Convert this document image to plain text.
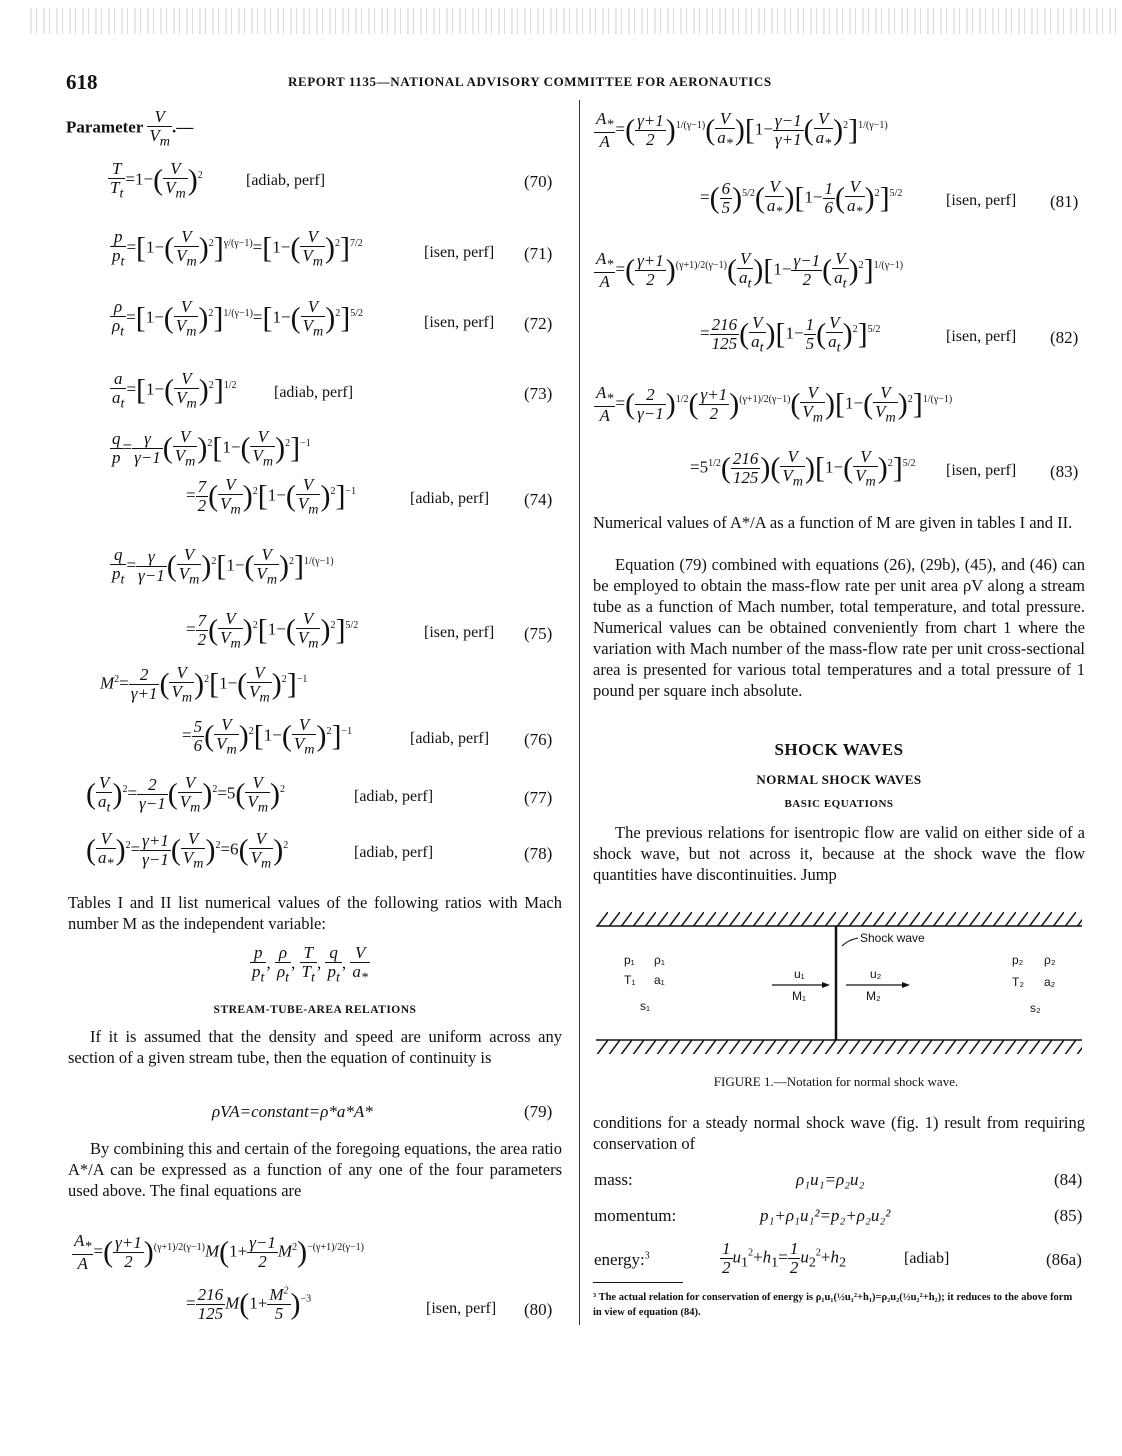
618	REPORT 1135—NATIONAL ADVISORY COMMITTEE FOR AERONAUTICS
Parameter $\frac{V}{V_m}$ .—
$\frac{T}{T_t} =1-( \frac{V}{V_m} )^2$	[adiab, perf]	(70)
$\frac{p}{p_t} =[1-( \frac{V}{V_m} )^2]^{\gamma/(\gamma-1)}=[1-( \frac{V}{V_m} )^2]^{7/2}$
[isen, perf] (71)
$\frac{\rho}{\rho_t} =[1-( \frac{V}{V_m} )^2]^{1/(\gamma-1)}=[1-( \frac{V}{V_m} )^2]^{5/2}$
[isen, perf] (72)
$\frac{a}{a_t} =[1-( \frac{V}{V_m} )^2]^{1/2}$ [adiab, perf]	(73)
$\frac{q}{p} = \frac{\gamma}{\gamma-1}$ ( $\frac{V}{V_m} )^2[1-( \frac{V}{V_m} )^2]^{-1}$
= $\frac{7}{2}$ ( $\frac{V}{V_m} )^2[1-( \frac{V}{V_m} )^2]^{-1}$	[adiab, perf] (74)
$\frac{q}{p_t} = \frac{\gamma}{\gamma-1}$ ( $\frac{V}{V_m} )^2[1-( \frac{V}{V_m} )^2]^{1/(\gamma-1)}$
= $\frac{7}{2}$ ( $\frac{V}{V_m} )^2[1-( \frac{V}{V_m} )^2]^{5/2}$	[isen, perf] (75)
$M^2= \frac{2}{\gamma+1}$ ( $\frac{V}{V_m} )^2[1-( \frac{V}{V_m} )^2]^{-1}$
= $\frac{5}{6}$ ( $\frac{V}{V_m} )^2[1-( \frac{V}{V_m} )^2]^{-1}$	[adiab, perf] (76)
( $\frac{V}{a_t} )^2= \frac{2}{\gamma-1}$ ( $\frac{V}{V_m} )^2=5( \frac{V}{V_m} )^2$	[adiab, perf]	(77)
( $\frac{V}{a_*} )^2= \frac{\gamma+1}{\gamma-1}$ ( $\frac{V}{V_m} )^2=6( \frac{V}{V_m} )^2$	[adiab, perf]	(78)
Tables I and II list numerical values of the following ratios with Mach number M as the independent variable:
$\frac{p}{p_t}$ , $\frac{\rho}{\rho_t}$ , $\frac{T}{T_t}$ , $\frac{q}{p_t}$ , $\frac{V}{a_*}$
STREAM-TUBE-AREA RELATIONS
If it is assumed that the density and speed are uniform across any section of a given stream tube, then the equation of continuity is
ρVA=constant=ρ*a*A*	(79)
By combining this and certain of the foregoing equations, the area ratio A*/A can be expressed as a function of any one of the four parameters used above. The final equations are
$\frac{A_*}{A}$ =( $\frac{\gamma+1}{2} )^{(\gamma+1)/2(\gamma-1)}M(1+ \frac{\gamma-1}{2} M^2)^{-(\gamma+1)/2(\gamma-1)}$
= $\frac{216}{125} M(1+ \frac{M^2}{5} )^{-3}$
[isen, perf] (80)
$\frac{A_*}{A}$ =( $\frac{\gamma+1}{2} )^{1/(\gamma-1)}( \frac{V}{a_*} )[1- \frac{\gamma-1}{\gamma+1}$ ( $\frac{V}{a_*} )^2]^{1/(\gamma-1)}$
=( $\frac{6}{5} )^{5/2}( \frac{V}{a_*} )[1- \frac{1}{6}$ ( $\frac{V}{a_*} )^2]^{5/2}$	[isen, perf] (81)
$\frac{A_*}{A}$ =( $\frac{\gamma+1}{2} )^{(\gamma+1)/2(\gamma-1)}( \frac{V}{a_t} )[1- \frac{\gamma-1}{2}$ ( $\frac{V}{a_t} )^2]^{1/(\gamma-1)}$
= $\frac{216}{125}$ ( $\frac{V}{a_t} )[1- \frac{1}{5}$ ( $\frac{V}{a_t} )^2]^{5/2}$	[isen, perf] (82)
$\frac{A_*}{A}$ =( $\frac{2}{\gamma-1} )^{1/2}( \frac{\gamma+1}{2} )^{(\gamma+1)/2(\gamma-1)}( \frac{V}{V_m} )[1-( \frac{V}{V_m} )^2]^{1/(\gamma-1)}$
$=5^{1/2}( \frac{216}{125}$ )( $\frac{V}{V_m} )[1-( \frac{V}{V_m} )^2]^{5/2}$ [isen, perf] (83)
Numerical values of A*/A as a function of M are given in tables I and II.
Equation (79) combined with equations (26), (29b), (45), and (46) can be employed to obtain the mass-flow rate per unit area ρV along a stream tube as a function of Mach number, total temperature, and total pressure. Numerical values can be obtained conveniently from chart 1 where the variation with Mach number of the mass-flow rate per unit cross-sectional area is presented for various total temperatures and a total pressure of 1 pound per square inch absolute.
SHOCK WAVES
NORMAL SHOCK WAVES
BASIC EQUATIONS
The previous relations for isentropic flow are valid on either side of a shock wave, but not across it, because at the shock wave the flow quantities have discontinuities. Jump
Shock wave
p₁ ρ₁
T₁ a₁
s₁
u₁
M₁
u₂
M₂
p₂ ρ₂
T₂ a₂
s₂
FIGURE 1.—Notation for normal shock wave.
conditions for a steady normal shock wave (fig. 1) result from requiring conservation of
mass:	ρ₁u₁=ρ₂u₂	(84)
momentum:	p₁+ρ₁u₁²=p₂+ρ₂u₂²	(85)
energy:$^3$	$\frac{1}{2} u_1^2+h_1= \frac{1}{2} u_2^2+h_2$	[adiab]	(86a)
³ The actual relation for conservation of energy is ρ₁u₁(½u₁²+h₁)=ρ₂u₂(½u₂²+h₂); it reduces to the above form in view of equation (84).
